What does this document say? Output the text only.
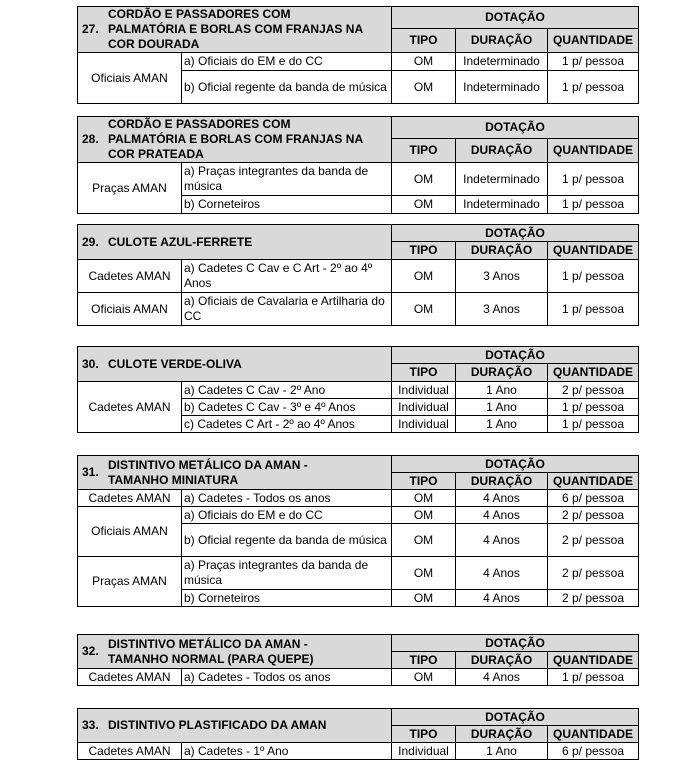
27.CORDÃO E PASSADORES COM PALMATÓRIA E BORLAS COM FRANJAS NA COR DOURADA		DOTAÇÃO		
		TIPO	DURAÇÃO	QUANTIDADE
Oficiais AMAN	a) Oficiais do EM e do CC	OM	Indeterminado	1 p/ pessoa
	b) Oficial regente da banda de música	OM	Indeterminado	1 p/ pessoa
28.CORDÃO E PASSADORES COM PALMATÓRIA E BORLAS COM FRANJAS NA COR PRATEADA		DOTAÇÃO		
		TIPO	DURAÇÃO	QUANTIDADE
Praças AMAN	a) Praças integrantes da banda de música	OM	Indeterminado	1 p/ pessoa
	b) Corneteiros	OM	Indeterminado	1 p/ pessoa
29. CULOTE AZUL-FERRETE		DOTAÇÃO		
		TIPO	DURAÇÃO	QUANTIDADE
Cadetes AMAN	a) Cadetes C Cav e C Art - 2º ao 4º Anos	OM	3 Anos	1 p/ pessoa
Oficiais AMAN	a) Oficiais de Cavalaria e Artilharia do CC	OM	3 Anos	1 p/ pessoa
30. CULOTE VERDE-OLIVA		DOTAÇÃO		
		TIPO	DURAÇÃO	QUANTIDADE
Cadetes AMAN	a) Cadetes C Cav - 2º Ano	Individual	1 Ano	2 p/ pessoa
	b) Cadetes C Cav - 3º e 4º Anos	Individual	1 Ano	1 p/ pessoa
	c) Cadetes C Art - 2º ao 4º Anos	Individual	1 Ano	1 p/ pessoa
31.DISTINTIVO METÁLICO DA AMAN - TAMANHO MINIATURA		DOTAÇÃO		
		TIPO	DURAÇÃO	QUANTIDADE
Cadetes AMAN	a) Cadetes - Todos os anos	OM	4 Anos	6 p/ pessoa
Oficiais AMAN	a) Oficiais do EM e do CC	OM	4 Anos	2 p/ pessoa
	b) Oficial regente da banda de música	OM	4 Anos	2 p/ pessoa
Praças AMAN	a) Praças integrantes da banda de música	OM	4 Anos	2 p/ pessoa
	b) Corneteiros	OM	4 Anos	2 p/ pessoa
32.DISTINTIVO METÁLICO DA AMAN - TAMANHO NORMAL (PARA QUEPE)		DOTAÇÃO		
		TIPO	DURAÇÃO	QUANTIDADE
Cadetes AMAN	a) Cadetes - Todos os anos	OM	4 Anos	1 p/ pessoa
33. DISTINTIVO PLASTIFICADO DA AMAN		DOTAÇÃO		
		TIPO	DURAÇÃO	QUANTIDADE
Cadetes AMAN	a) Cadetes - 1º Ano	Individual	1 Ano	6 p/ pessoa
